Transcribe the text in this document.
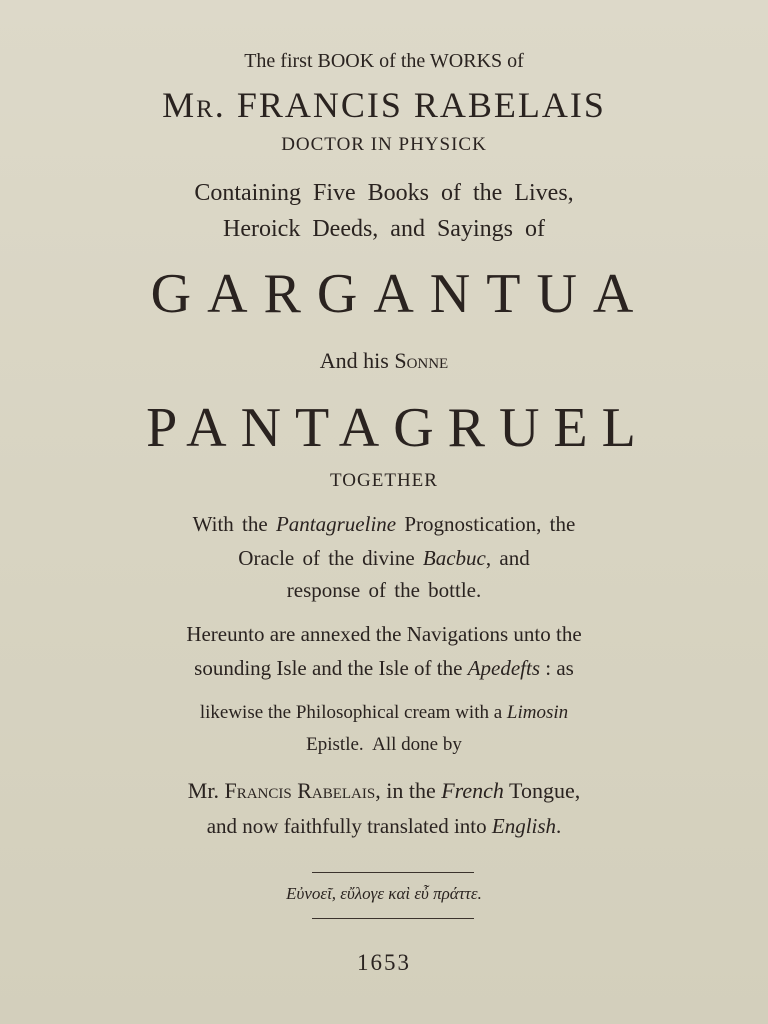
The first BOOK of the WORKS of
Mr. FRANCIS RABELAIS
DOCTOR IN PHYSICK
Containing Five Books of the Lives,
Heroick Deeds, and Sayings of
GARGANTUA
And his Sonne
PANTAGRUEL
TOGETHER
With the Pantagrueline Prognostication, the
Oracle of the divine Bacbuc, and
response of the bottle.
Hereunto are annexed the Navigations unto the
sounding Isle and the Isle of the Apedefts : as
likewise the Philosophical cream with a Limosin
Epistle.  All done by
Mr. Francis Rabelais, in the French Tongue,
and now faithfully translated into English.
Εὐνοεῖ, εὔλογε καὶ εὖ πράττε.
1653
